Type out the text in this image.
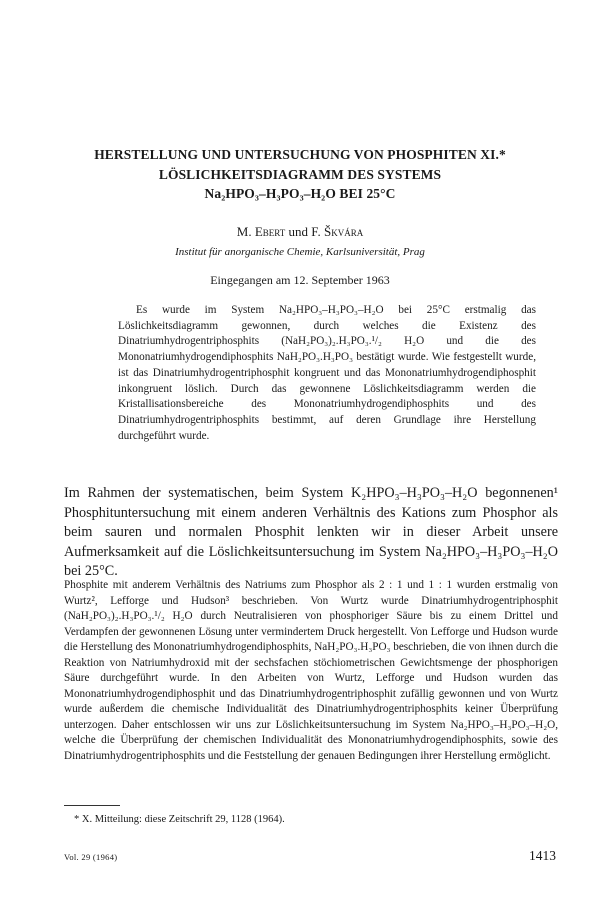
HERSTELLUNG UND UNTERSUCHUNG VON PHOSPHITEN XI.*
LÖSLICHKEITSDIAGRAMM DES SYSTEMS
Na₂HPO₃–H₃PO₃–H₂O BEI 25°C
M. Ebert und F. Škvára
Institut für anorganische Chemie, Karlsuniversität, Prag
Eingegangen am 12. September 1963

Es wurde im System Na₂HPO₃–H₃PO₃–H₂O bei 25°C erstmalig das Löslichkeitsdiagramm gewonnen, durch welches die Existenz des Dinatriumhydrogentriphosphits (NaH₂PO₃)₂.H₃PO₃.¹/₂ H₂O und die des Mononatriumhydrogendiphosphits NaH₂PO₃.H₃PO₃ bestätigt wurde. Wie festgestellt wurde, ist das Dinatriumhydrogentriphosphit kongruent und das Mononatriumhydrogendiphosphit inkongruent löslich. Durch das gewonnene Löslichkeitsdiagramm werden die Kristallisationsbereiche des Mononatriumhydrogendiphosphits und des Dinatriumhydrogentriphosphits bestimmt, auf deren Grundlage ihre Herstellung durchgeführt wurde.

Im Rahmen der systematischen, beim System K₂HPO₃–H₃PO₃–H₂O begonnenen¹ Phosphituntersuchung mit einem anderen Verhältnis des Kations zum Phosphor als beim sauren und normalen Phosphit lenkten wir in dieser Arbeit unsere Aufmerksamkeit auf die Löslichkeitsuntersuchung im System Na₂HPO₃–H₃PO₃–H₂O bei 25°C.

Phosphite mit anderem Verhältnis des Natriums zum Phosphor als 2 : 1 und 1 : 1 wurden erstmalig von Wurtz², Lefforge und Hudson³ beschrieben. Von Wurtz wurde Dinatriumhydrogentriphosphit (NaH₂PO₃)₂.H₃PO₃.¹/₂ H₂O durch Neutralisieren von phosphoriger Säure bis zu einem Drittel und Verdampfen der gewonnenen Lösung unter vermindertem Druck hergestellt. Von Lefforge und Hudson wurde die Herstellung des Mononatriumhydrogendiphosphits, NaH₂PO₃.H₃PO₃ beschrieben, die von ihnen durch die Reaktion von Natriumhydroxid mit der sechsfachen stöchiometrischen Gewichtsmenge der phosphorigen Säure durchgeführt wurde. In den Arbeiten von Wurtz, Lefforge und Hudson wurden das Mononatriumhydrogendiphosphit und das Dinatriumhydrogentriphosphit zufällig gewonnen und von Wurtz wurde außerdem die chemische Individualität des Dinatriumhydrogentriphosphits keiner Überprüfung unterzogen. Daher entschlossen wir uns zur Löslichkeitsuntersuchung im System Na₂HPO₃–H₃PO₃–H₂O, welche die Überprüfung der chemischen Individualität des Mononatriumhydrogendiphosphits, sowie des Dinatriumhydrogentriphosphits und die Feststellung der genauen Bedingungen ihrer Herstellung ermöglicht.

* X. Mitteilung: diese Zeitschrift 29, 1128 (1964).
Vol. 29 (1964)	1413
